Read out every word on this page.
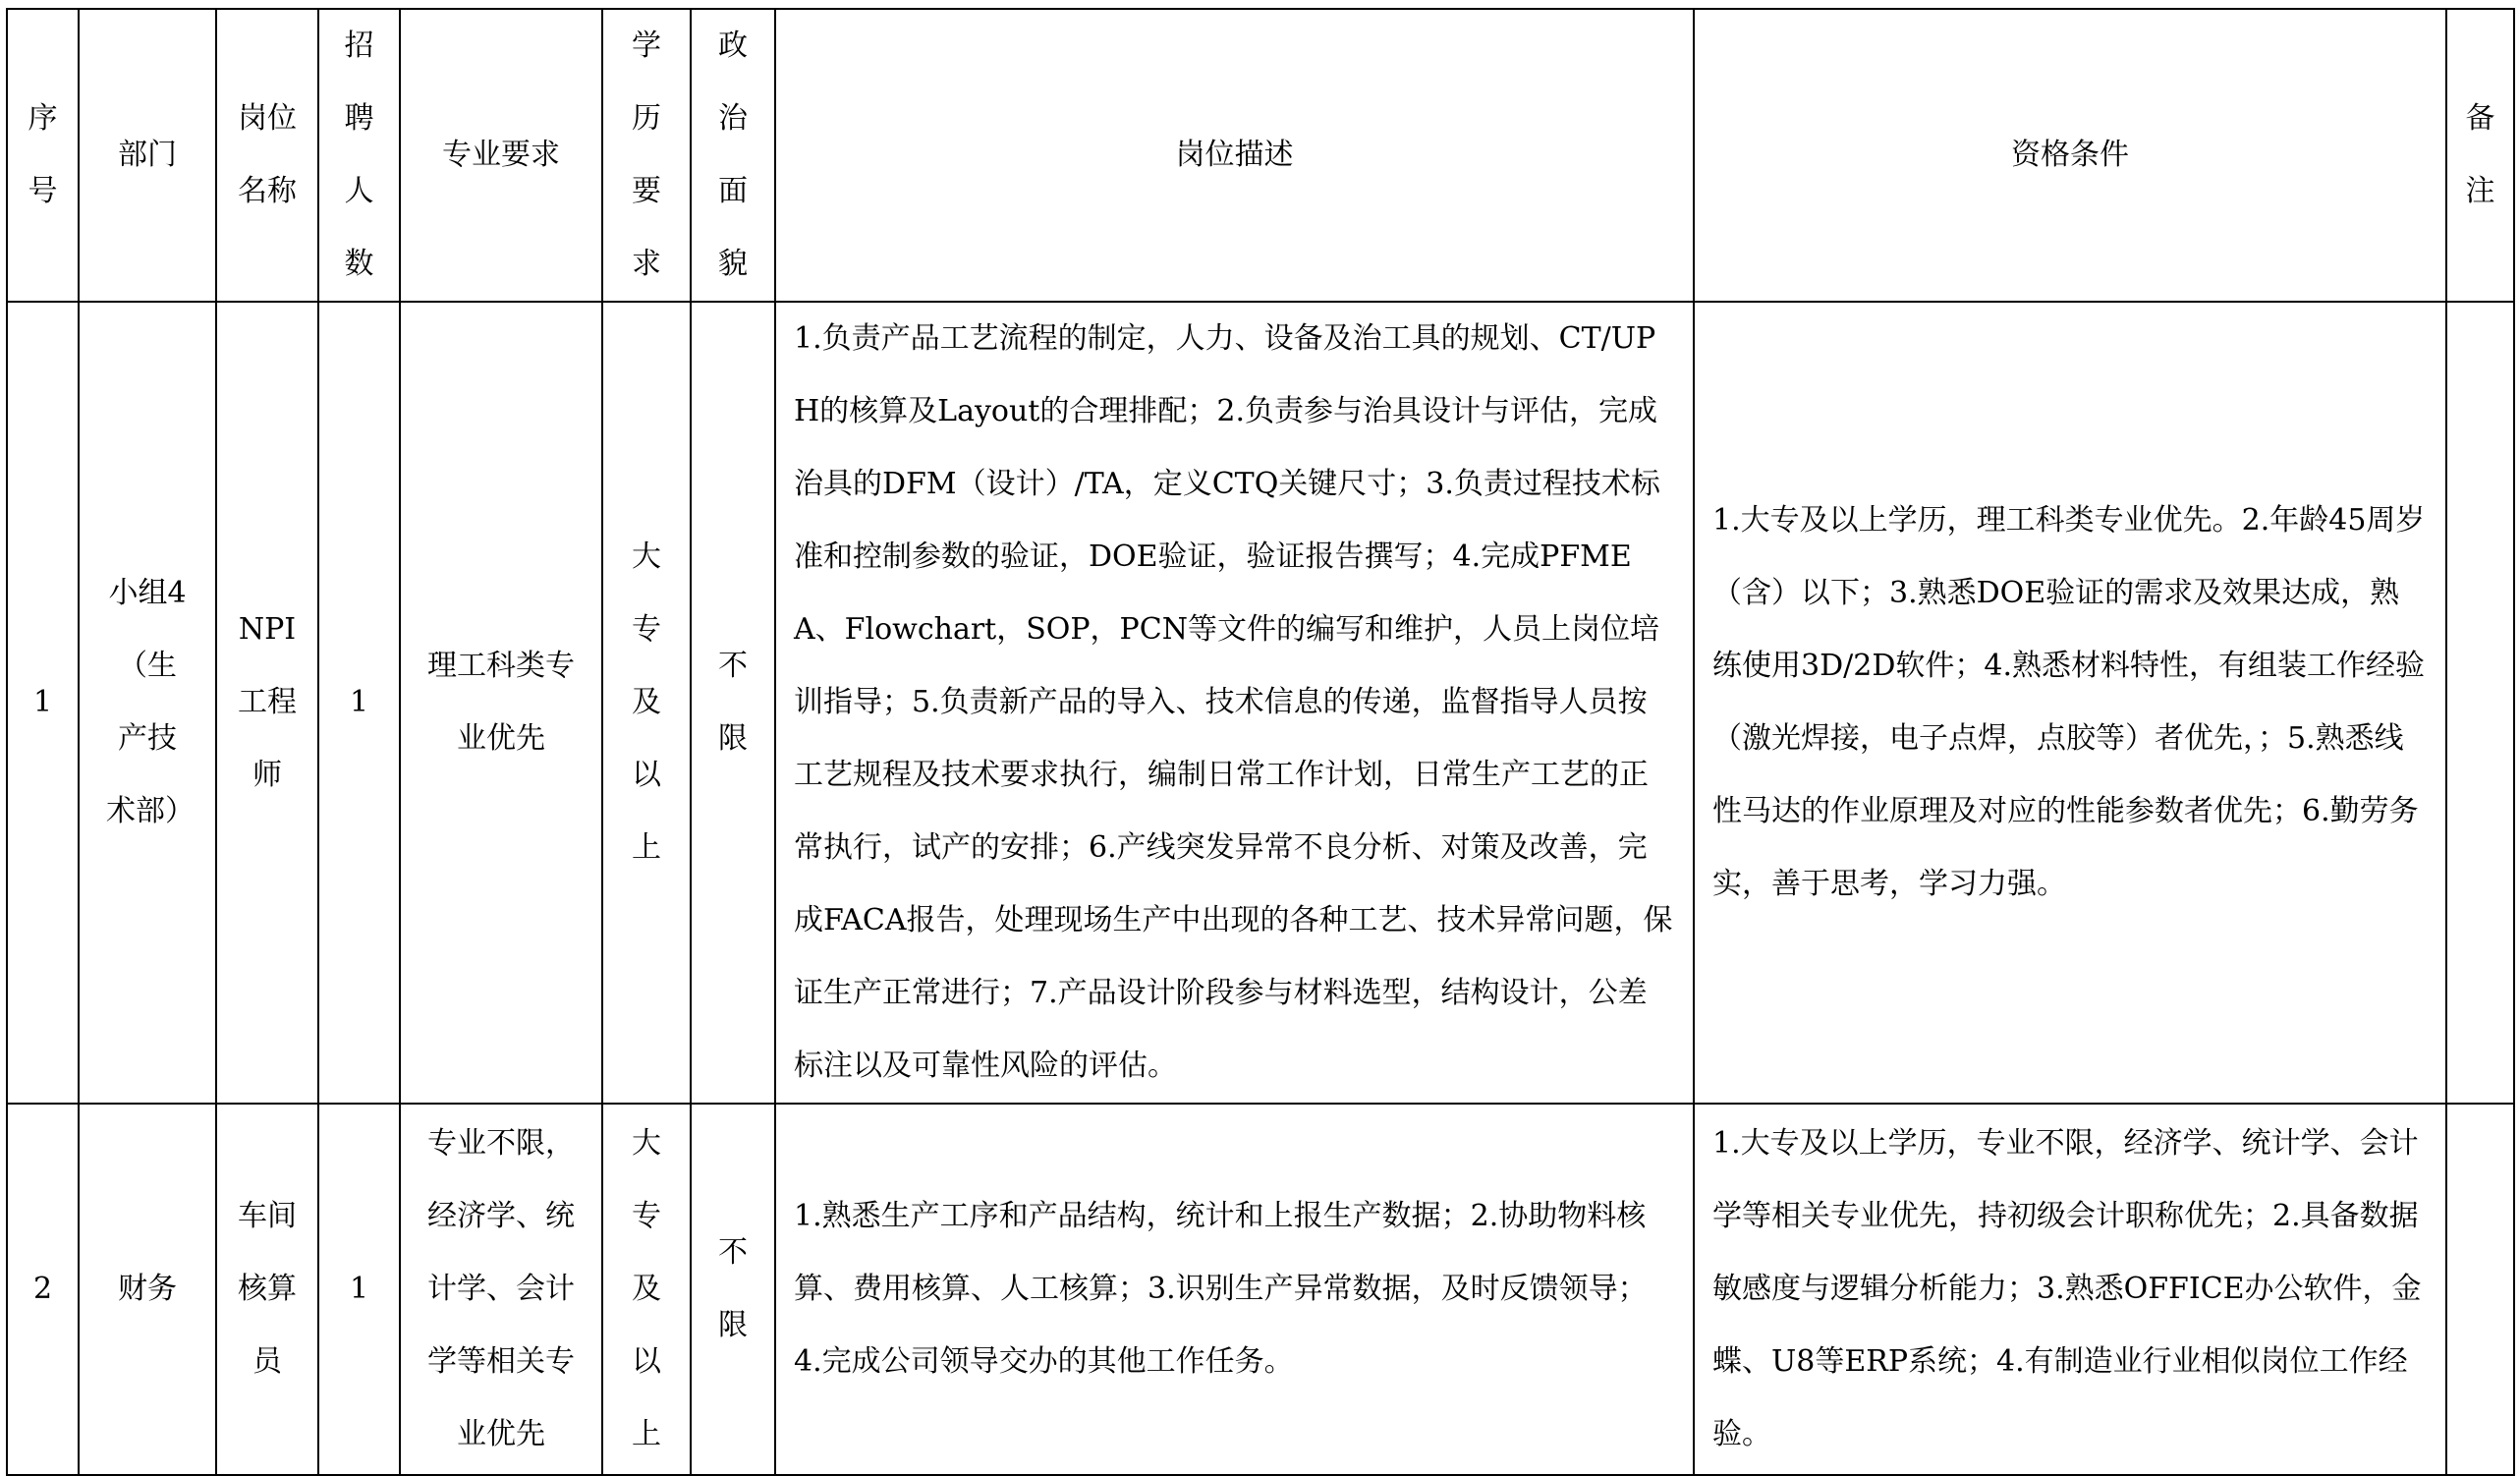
序号	部门	岗位名称	招聘人数	专业要求	学历要求	政治面貌	岗位描述	资格条件	备注

1	小组4（生产技术部）	NPI工程师	1	理工科类专业优先	大专及以上	不限	1.负责产品工艺流程的制定，人力、设备及治工具的规划、CT/UPH的核算及Layout的合理排配；2.负责参与治具设计与评估，完成治具的DFM（设计）/TA，定义CTQ关键尺寸；3.负责过程技术标准和控制参数的验证，DOE验证，验证报告撰写；4.完成PFMEA、Flowchart，SOP，PCN等文件的编写和维护，人员上岗位培训指导；5.负责新产品的导入、技术信息的传递，监督指导人员按工艺规程及技术要求执行，编制日常工作计划，日常生产工艺的正常执行，试产的安排；6.产线突发异常不良分析、对策及改善，完成FACA报告，处理现场生产中出现的各种工艺、技术异常问题，保证生产正常进行；7.产品设计阶段参与材料选型，结构设计，公差标注以及可靠性风险的评估。	1.大专及以上学历，理工科类专业优先。2.年龄45周岁（含）以下；3.熟悉DOE验证的需求及效果达成，熟练使用3D/2D软件；4.熟悉材料特性，有组装工作经验（激光焊接，电子点焊，点胶等）者优先，；5.熟悉线性马达的作业原理及对应的性能参数者优先；6.勤劳务实，善于思考，学习力强。	

2	财务	车间核算员	1	专业不限，经济学、统计学、会计学等相关专业优先	大专及以上	不限	1.熟悉生产工序和产品结构，统计和上报生产数据；2.协助物料核算、费用核算、人工核算；3.识别生产异常数据，及时反馈领导；4.完成公司领导交办的其他工作任务。	1.大专及以上学历，专业不限，经济学、统计学、会计学等相关专业优先，持初级会计职称优先；2.具备数据敏感度与逻辑分析能力；3.熟悉OFFICE办公软件，金蝶、U8等ERP系统；4.有制造业行业相似岗位工作经验。	
